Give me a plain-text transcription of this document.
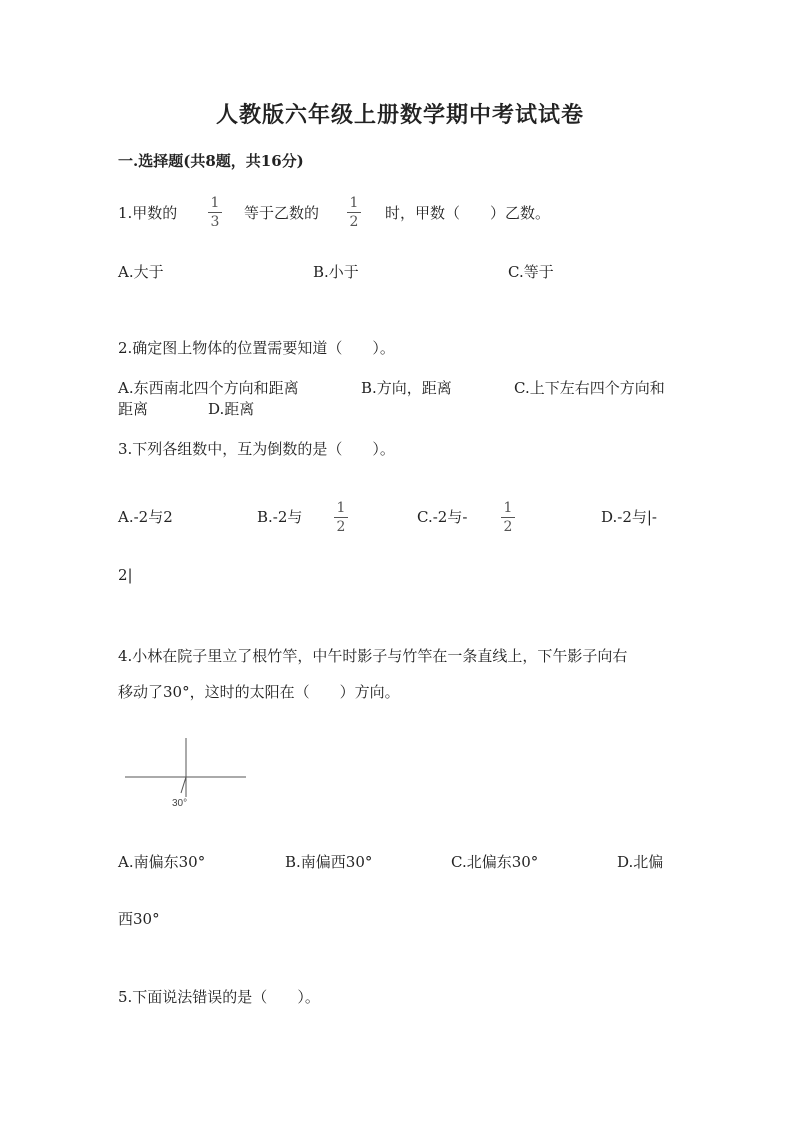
人教版六年级上册数学期中考试试卷
一.选择题(共8题，共16分)
1.甲数的
1
3 等于乙数的
1
2 时，甲数（　　）乙数。
A.大于	B.小于	C.等于
2.确定图上物体的位置需要知道（　　）。
A.东西南北四个方向和距离	B.方向，距离	C.上下左右四个方向和
距离	D.距离
3.下列各组数中，互为倒数的是（　　）。
A.-2与2	B.-2与 1
2
C.-2与-	1
2
D.-2与|-
2|
4.小林在院子里立了根竹竿，中午时影子与竹竿在一条直线上，下午影子向右
移动了30°，这时的太阳在（　　）方向。
30°
A.南偏东30°	B.南偏西30°	C.北偏东30°	D.北偏
西30°
5.下面说法错误的是（　　）。
